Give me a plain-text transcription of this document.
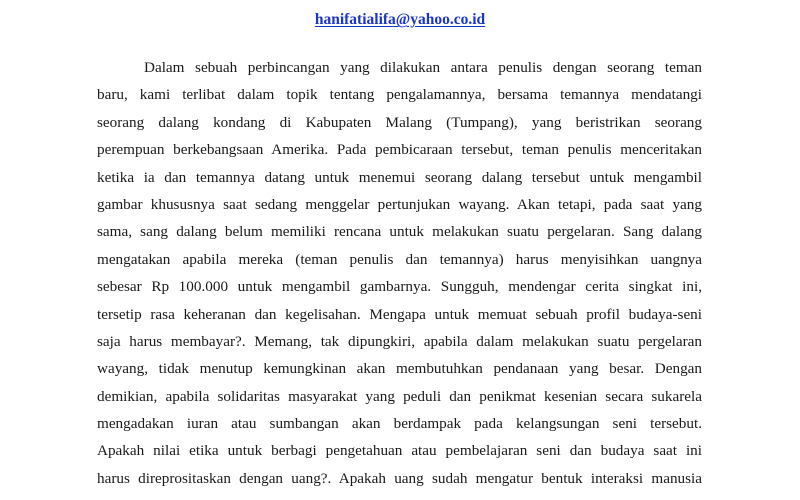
hanifatialifa@yahoo.co.id
Dalam sebuah perbincangan yang dilakukan antara penulis dengan seorang teman
baru, kami terlibat dalam topik tentang pengalamannya, bersama temannya mendatangi
seorang dalang kondang di Kabupaten Malang (Tumpang), yang beristrikan seorang
perempuan berkebangsaan Amerika. Pada pembicaraan tersebut, teman penulis menceritakan
ketika ia dan temannya datang untuk menemui seorang dalang tersebut untuk mengambil
gambar khususnya saat sedang menggelar pertunjukan wayang. Akan tetapi, pada saat yang
sama, sang dalang belum memiliki rencana untuk melakukan suatu pergelaran. Sang dalang
mengatakan apabila mereka (teman penulis dan temannya) harus menyisihkan uangnya
sebesar Rp 100.000 untuk mengambil gambarnya. Sungguh, mendengar cerita singkat ini,
tersetip rasa keheranan dan kegelisahan. Mengapa untuk memuat sebuah profil budaya-seni
saja harus membayar?. Memang, tak dipungkiri, apabila dalam melakukan suatu pergelaran
wayang, tidak menutup kemungkinan akan membutuhkan pendanaan yang besar. Dengan
demikian, apabila solidaritas masyarakat yang peduli dan penikmat kesenian secara sukarela
mengadakan iuran atau sumbangan akan berdampak pada kelangsungan seni tersebut.
Apakah nilai etika untuk berbagi pengetahuan atau pembelajaran seni dan budaya saat ini
harus direprositaskan dengan uang?. Apakah uang sudah mengatur bentuk interaksi manusia
